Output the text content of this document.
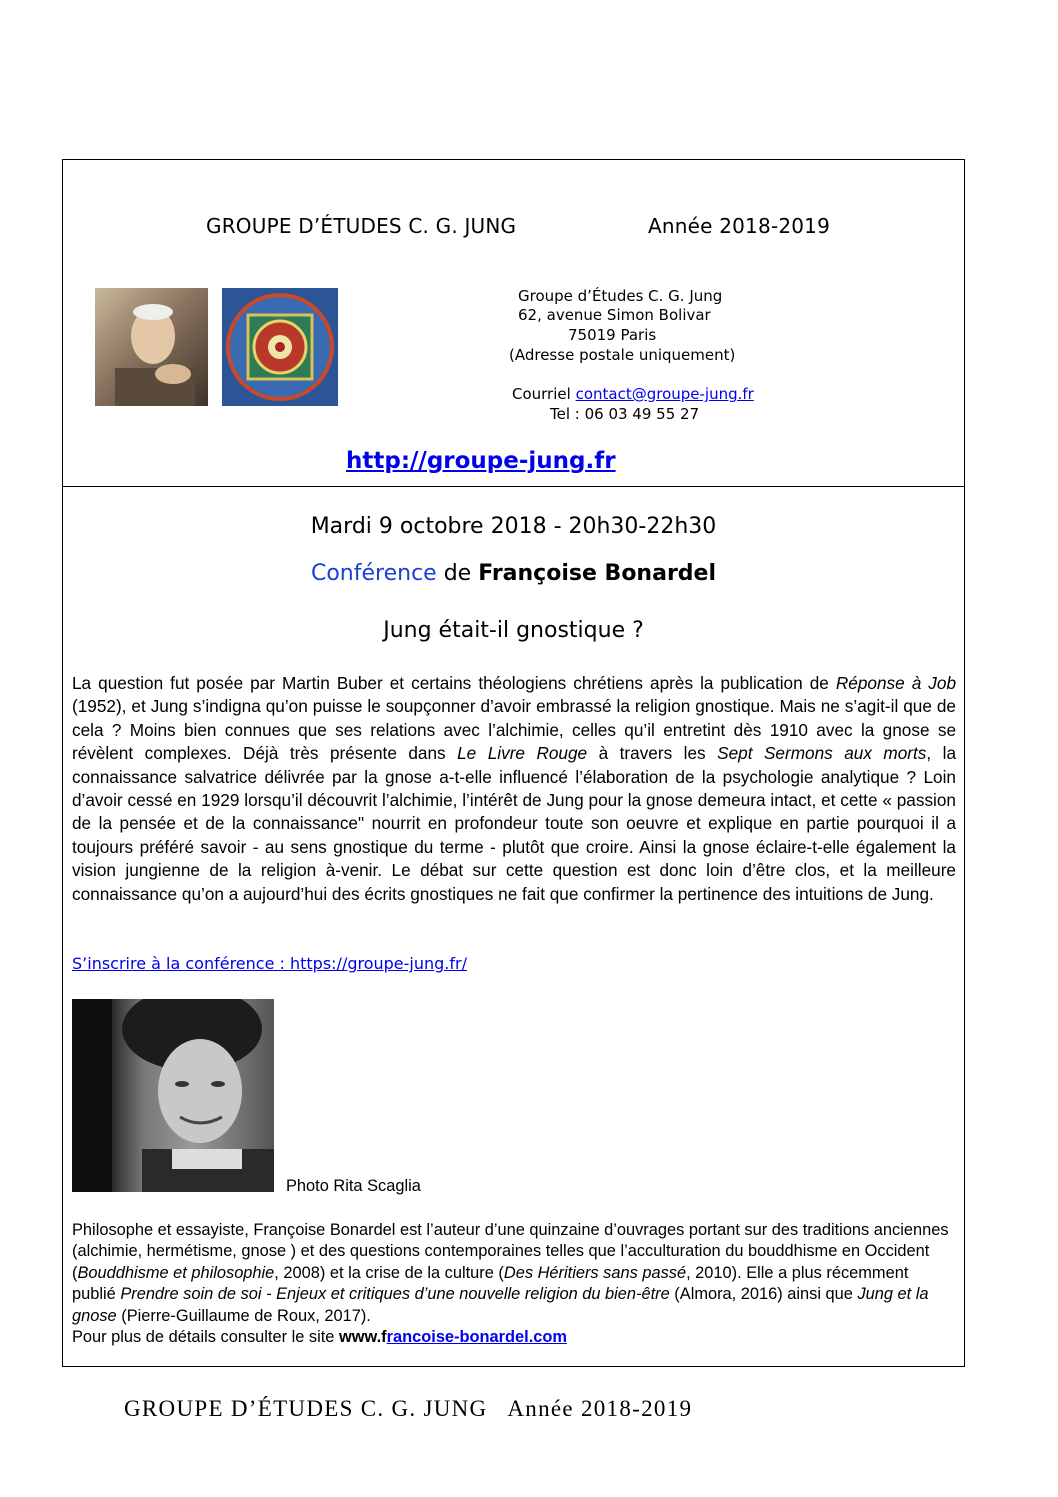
GROUPE D’ÉTUDES C. G. JUNG	Année 2018-2019
Groupe d’Études C. G. Jung
62, avenue Simon Bolivar
75019 Paris
(Adresse postale uniquement)
Courriel contact@groupe-jung.fr
Tel : 06 03 49 55 27
http://groupe-jung.fr
Mardi 9 octobre 2018 - 20h30-22h30
Conférence de Françoise Bonardel
Jung était-il gnostique ?
La question fut posée par Martin Buber et certains théologiens chrétiens après la publication de Réponse à Job (1952), et Jung s’indigna qu’on puisse le soupçonner d’avoir embrassé la religion gnostique. Mais ne s’agit-il que de cela ? Moins bien connues que ses relations avec l’alchimie, celles qu’il entretint dès 1910 avec la gnose se révèlent complexes. Déjà très présente dans Le Livre Rouge à travers les Sept Sermons aux morts, la connaissance salvatrice délivrée par la gnose a-t-elle influencé l’élaboration de la psychologie analytique ? Loin d’avoir cessé en 1929 lorsqu’il découvrit l’alchimie, l’intérêt de Jung pour la gnose demeura intact, et cette « passion de la pensée et de la connaissance" nourrit en profondeur toute son oeuvre et explique en partie pourquoi il a toujours préféré savoir - au sens gnostique du terme - plutôt que croire. Ainsi la gnose éclaire-t-elle également la vision jungienne de la religion à-venir. Le débat sur cette question est donc loin d’être clos, et la meilleure connaissance qu’on a aujourd’hui des écrits gnostiques ne fait que confirmer la pertinence des intuitions de Jung.
S’inscrire à la conférence : https://groupe-jung.fr/
Photo Rita Scaglia
Philosophe et essayiste, Françoise Bonardel est l’auteur d’une quinzaine d’ouvrages portant sur des traditions anciennes (alchimie, hermétisme, gnose ) et des questions contemporaines telles que l’acculturation du bouddhisme en Occident (Bouddhisme et philosophie, 2008) et la crise de la culture (Des Héritiers sans passé, 2010). Elle a plus récemment publié Prendre soin de soi - Enjeux et critiques d’une nouvelle religion du bien-être (Almora, 2016) ainsi que Jung et la gnose (Pierre-Guillaume de Roux, 2017).
Pour plus de détails consulter le site www.francoise-bonardel.com
GROUPE D’ÉTUDES C. G. JUNG Année 2018-2019
